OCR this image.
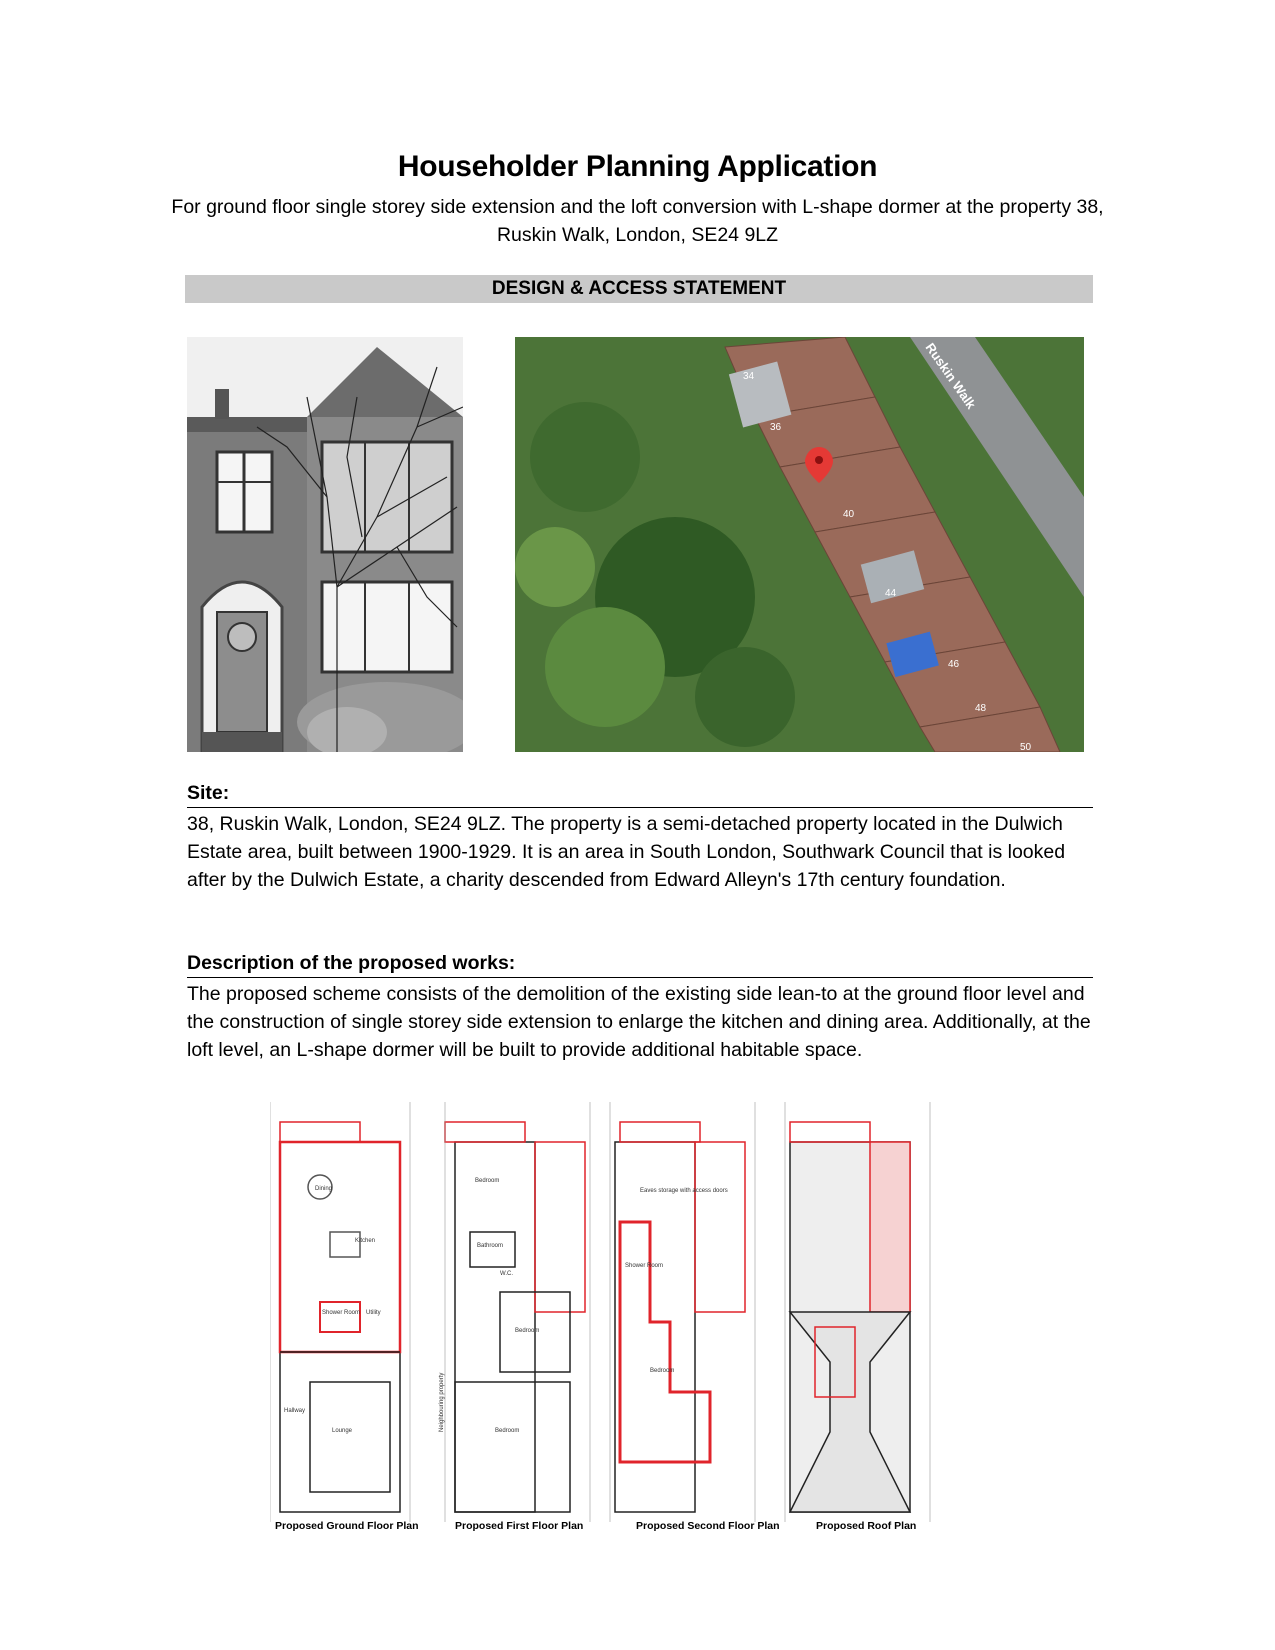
Householder Planning Application
For ground floor single storey side extension and the loft conversion with L-shape dormer at the property 38, Ruskin Walk, London, SE24 9LZ
DESIGN & ACCESS STATEMENT
34
36
40
44
46
48
50
Ruskin Walk
Site:
38, Ruskin Walk, London, SE24 9LZ. The property is a semi-detached property located in the Dulwich Estate area, built between 1900-1929. It is an area in South London, Southwark Council that is looked after by the Dulwich Estate, a charity descended from Edward Alleyn's 17th century foundation.
Description of the proposed works:
The proposed scheme consists of the demolition of the existing side lean-to at the ground floor level and the construction of single storey side extension to enlarge the kitchen and dining area. Additionally, at the loft level, an L-shape dormer will be built to provide additional habitable space.
Dining
Kitchen
Shower Room Utility
Hallway
Lounge
Bedroom
Bathroom
W.C.
Bedroom
Bedroom
Neighbouring property
Eaves storage with access doors
Shower Room
Bedroom
Proposed Ground Floor Plan	Proposed First Floor Plan	Proposed Second Floor Plan	Proposed Roof Plan
